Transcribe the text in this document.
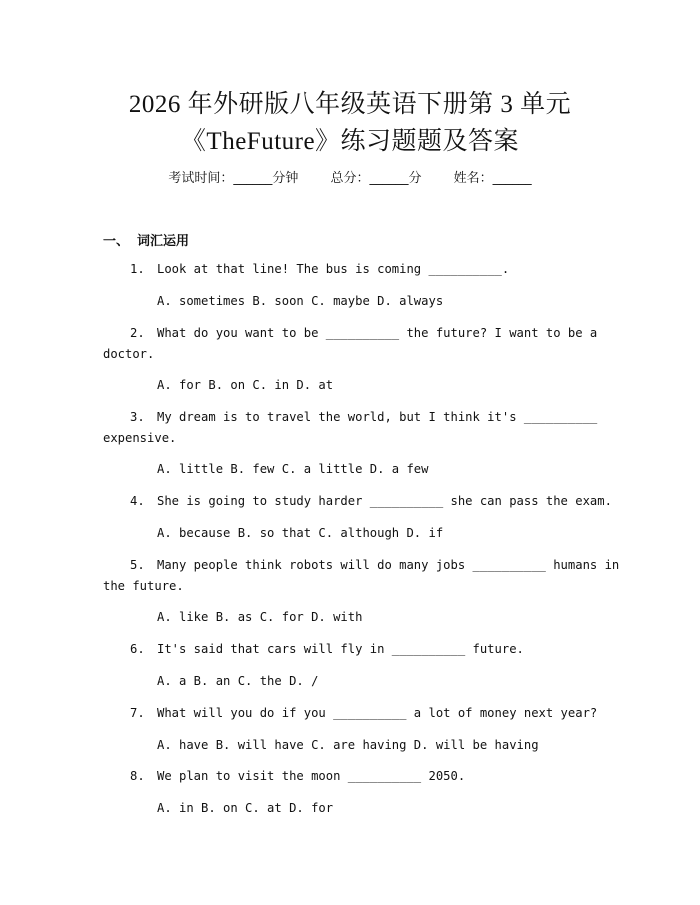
2026 年外研版八年级英语下册第 3 单元
《TheFuture》练习题题及答案
考试时间：______分钟 总分：______分 姓名：______
一、 词汇运用
1. Look at that line! The bus is coming __________.
A. sometimes B. soon C. maybe D. always
2. What do you want to be __________ the future? I want to be a
doctor.
A. for B. on C. in D. at
3. My dream is to travel the world, but I think it's __________
expensive.
A. little B. few C. a little D. a few
4. She is going to study harder __________ she can pass the exam.
A. because B. so that C. although D. if
5. Many people think robots will do many jobs __________ humans in
the future.
A. like B. as C. for D. with
6. It's said that cars will fly in __________ future.
A. a B. an C. the D. /
7. What will you do if you __________ a lot of money next year?
A. have B. will have C. are having D. will be having
8. We plan to visit the moon __________ 2050.
A. in B. on C. at D. for
